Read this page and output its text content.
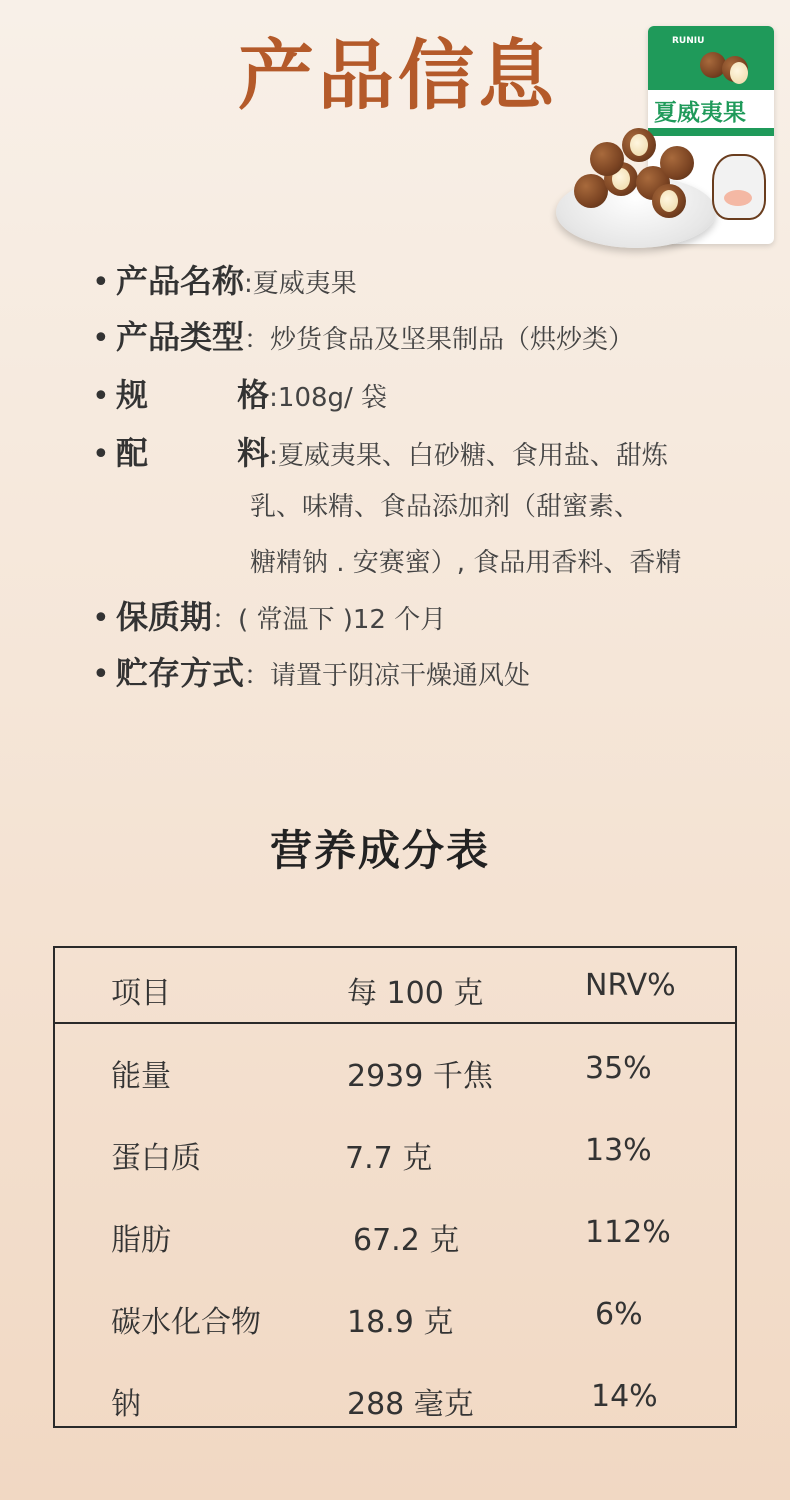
产品信息	RUNIU
夏威夷果
• 产品名称:夏威夷果
• 产品类型：炒货食品及坚果制品（烘炒类）
• 规        格:108g/ 袋
• 配        料:夏威夷果、白砂糖、食用盐、甜炼
乳、味精、食品添加剂（甜蜜素、
糖精钠 . 安赛蜜）, 食品用香料、香精
• 保质期：( 常温下 )12 个月
• 贮存方式：请置于阴凉干燥通风处
营养成分表
项目	每 100 克	NRV%
能量	2939 千焦	35%
蛋白质	7.7 克	13%
脂肪	67.2 克	112%
碳水化合物	18.9 克	6%
钠	288 毫克	14%
